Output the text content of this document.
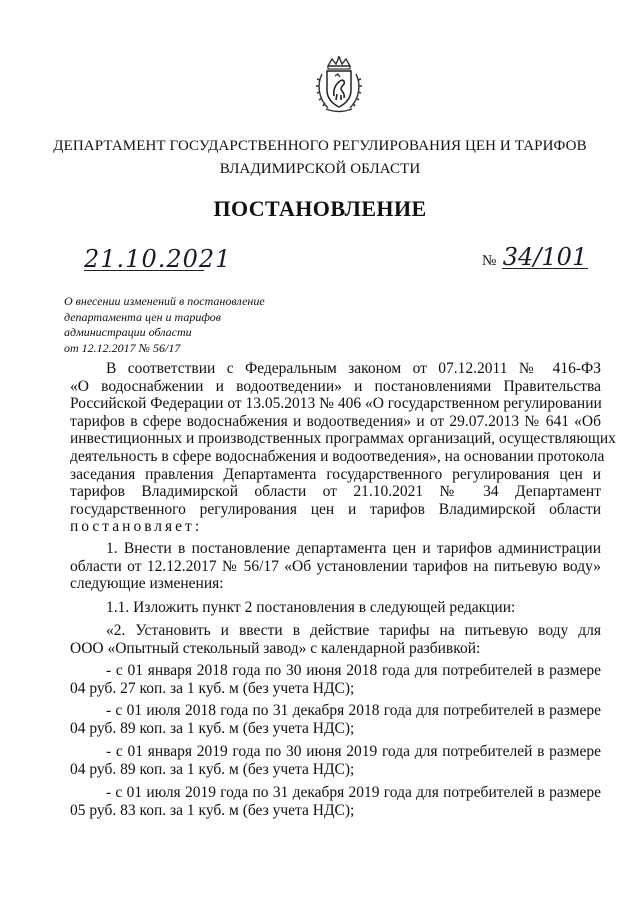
ДЕПАРТАМЕНТ ГОСУДАРСТВЕННОГО РЕГУЛИРОВАНИЯ ЦЕН И ТАРИФОВ
ВЛАДИМИРСКОЙ ОБЛАСТИ
ПОСТАНОВЛЕНИЕ
21.10.2021	№ 34/101
О внесении изменений в постановление
департамента цен и тарифов
администрации области
от 12.12.2017 № 56/17
В соответствии с Федеральным законом от 07.12.2011 № 416-ФЗ
«О водоснабжении и водоотведении» и постановлениями Правительства
Российской Федерации от 13.05.2013 № 406 «О государственном регулировании
тарифов в сфере водоснабжения и водоотведения» и от 29.07.2013 № 641 «Об
инвестиционных и производственных программах организаций, осуществляющих
деятельность в сфере водоснабжения и водоотведения», на основании протокола
заседания правления Департамента государственного регулирования цен и
тарифов Владимирской области от 21.10.2021 № 34 Департамент
государственного регулирования цен и тарифов Владимирской области
постановляет:
1. Внести в постановление департамента цен и тарифов администрации
области от 12.12.2017 № 56/17 «Об установлении тарифов на питьевую воду»
следующие изменения:
1.1. Изложить пункт 2 постановления в следующей редакции:
«2. Установить и ввести в действие тарифы на питьевую воду для
ООО «Опытный стекольный завод» с календарной разбивкой:
- с 01 января 2018 года по 30 июня 2018 года для потребителей в размере
04 руб. 27 коп. за 1 куб. м (без учета НДС);
- с 01 июля 2018 года по 31 декабря 2018 года для потребителей в размере
04 руб. 89 коп. за 1 куб. м (без учета НДС);
- с 01 января 2019 года по 30 июня 2019 года для потребителей в размере
04 руб. 89 коп. за 1 куб. м (без учета НДС);
- с 01 июля 2019 года по 31 декабря 2019 года для потребителей в размере
05 руб. 83 коп. за 1 куб. м (без учета НДС);
